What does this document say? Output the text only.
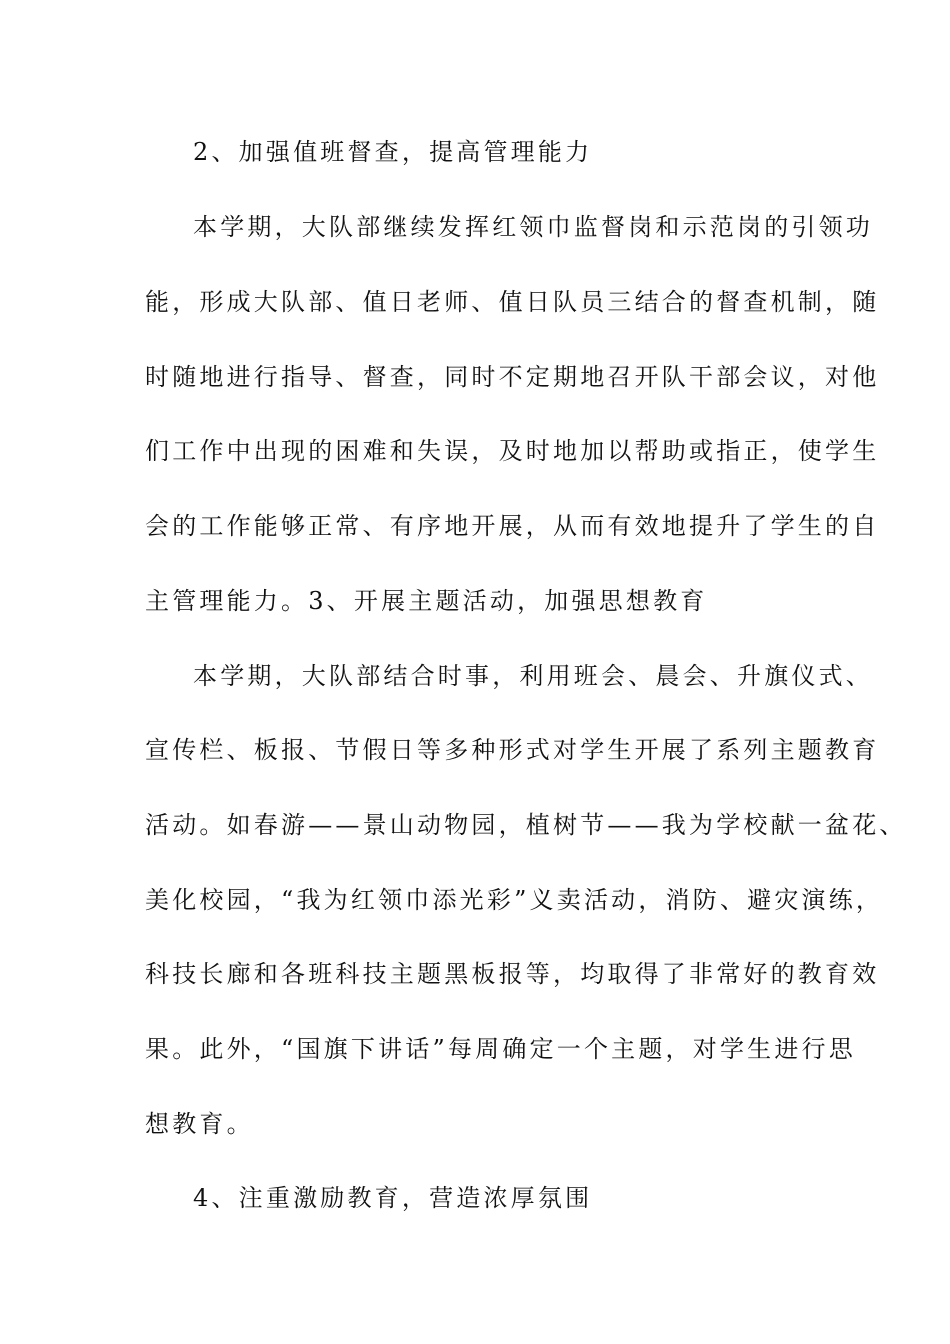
2、加强值班督查，提高管理能力
本学期，大队部继续发挥红领巾监督岗和示范岗的引领功
能，形成大队部、值日老师、值日队员三结合的督查机制，随
时随地进行指导、督查，同时不定期地召开队干部会议，对他
们工作中出现的困难和失误，及时地加以帮助或指正，使学生
会的工作能够正常、有序地开展，从而有效地提升了学生的自
主管理能力。3、开展主题活动，加强思想教育
本学期，大队部结合时事，利用班会、晨会、升旗仪式、
宣传栏、板报、节假日等多种形式对学生开展了系列主题教育
活动。如春游——景山动物园，植树节——我为学校献一盆花、
美化校园，“我为红领巾添光彩”义卖活动，消防、避灾演练，
科技长廊和各班科技主题黑板报等，均取得了非常好的教育效
果。此外，“国旗下讲话”每周确定一个主题，对学生进行思
想教育。
4、注重激励教育，营造浓厚氛围
